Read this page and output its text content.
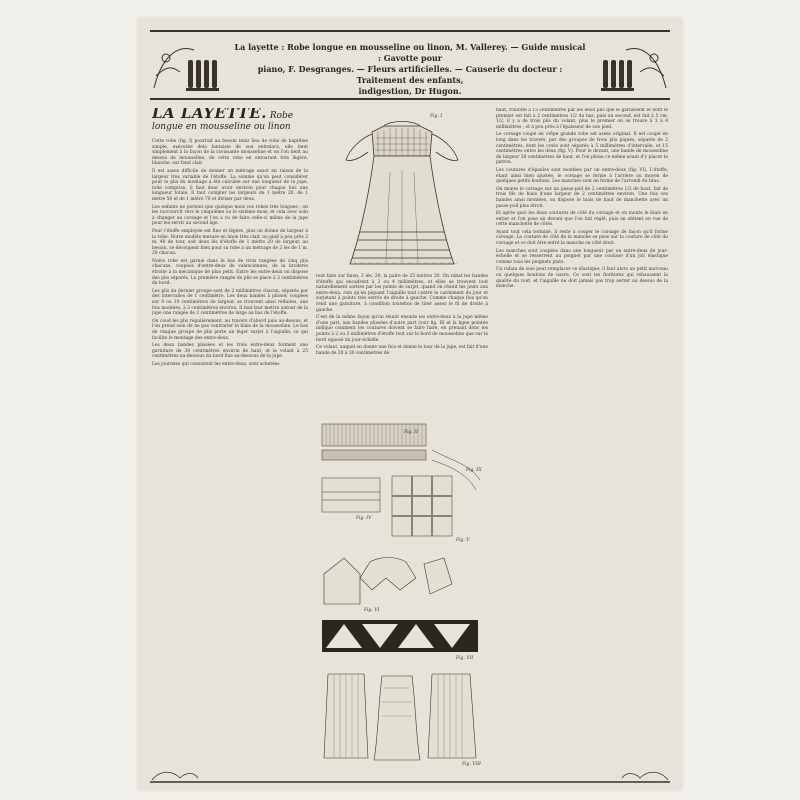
La layette : Robe longue en mousseline ou linon, M. Vallerey. — Guide musical : Gavotte pour
piano, F. Desgranges. — Fleurs artificielles. — Causerie du docteur : Traitement des enfants,
indigestion, Dr Hugon.
LA LAYETTE. Robe longue en mousseline ou linon

Cette robe (fig. I) pourrait au besoin tenir lieu de robe de baptême simple, exécutée dela fantaisie de son entrelacs, elle tient simplement à la façon de la ravissante mousseline et on l'on tient au dessus de mousseline, de cette robe en entourant très légère, blanche, sur fond clair.

Il est assez difficile de donner un métrage exact en raison de la largeur très variable de l'étoffe. La somme qu'on peut considérer pour le plis du montage a été calculée sur une longueur de la jupe, toile comprise, il faut donc avoir environ pour chaque fois une longueur totale. Il faut compter les largeurs de 1 mètre 20, de 1 mètre 50 et de 1 mètre 70 et diviser par deux.

Les enfants ne portent que quelque mois ces robes très longues ; on les raccourcit vers le cinquième ou le sixième mois, et cela avec soin à changer au corsage et l'on a vu de faire celle-ci même de la jupe pour les servir au second âge.

Pour l'étoffe employée est fine et légère, plus on donne de largeur à la robe. Notre modèle mesure en linon très clair, au pied à peu près 2 m. 40 de tour, soit deux lés d'étoffe de 1 mètre 20 de largeur, au besoin, se découpent bien pour sa robe à un métrage de 2 lés de 1 m. 20 chacun.

Notre robe est garnie dans le bas de trois rangées de cinq plis chacune, coupées d'entre-deux de valenciennes, de la broderie étroite à la mécanique de plus petit. Entre les entre-deux on dispose des plis séparés. La première rangée de plis se place à 3 centimètres du bord.

Les plis du dernier groupe sont de 2 millimètres chacun, séparés par des intervalles de 1 centimètre. Les deux bandes à plisser, coupées sur 9 ou 10 centimètres de largeur, se trouvent ainsi réduites, une fois montées, à 3 centimètres environ. Il faut leur mettre autour de la jupe une rangée de 2 centimètres de large au bas de l'étoffe.

On coud les plis régulièrement, au travers d'abord puis au-dessus, et l'on prend soin de ne pas contrarier le biais de la mousseline. Le bas de chaque groupe de plis porte un léger surjet à l'aiguille, ce qui facilite le montage des entre-deux.

Les deux bandes plissées et les trois entre-deux forment une garniture de 30 centimètres environ de haut, et le volant à 25 centimètres au-dessous du bord fixe au-dessous de la jupe.

Les journées qui consistent les entre-deux, sont achetées

Fig. I

tout faits sur linon, 2 lés. 20, la paire de 25 mètres 20. On rabat les bandes d'étoffe qui encadrent à 2 ou 4 millimètres, et elles se trouvent tout naturellement sorties par les points de surjet, quand on réunit les jours aux entre-deux, rien qu'en piquant l'aiguille tout contre le cardement du jour et surjetant à points très serrés de droite à gauche. Comme chaque fois qu'on rend une garniture, à condition toutefois de tirer assez le fil de droite à gauche.

C'est de la même façon qu'on réunit ensuite les entre-deux à la jupe même d'une part, aux bandes plissées d'autre part (voir fig. III et la ligne pointée indique comment les coutures doivent se faire faire, en prenant donc les points à 2 ou 3 millimètres d'étoffe tout sur le bord de mousseline que sur le bord opposé du jour-échelle.

Ce volant, auquel on donne une fois et demie le tour de la jupe, est fait d'une bande de 20 à 30 centimètres de

Fig. II
Fig. III
Fig. IV
Fig. V
Fig. VI
Fig. VII
Fig. VIII

haut, roulotté à 15 centimètres par les deux plis que le garnissent et dont le premier est fait à 2 centimètres 1/2 du bas, puis un second, est fait à 5 cm. 1/2, il y a de trois plis du volant, plus le premier on se trouve à 3 à 4 millimètres ; et à peu près à l'épaisseur de son pied.

Le corsage coupé en crêpe grande robe est assez original. Il est coupé en long dans les travers, par des groupes de trois plis piqués, séparés de 2 centimètres, dont les cotés sont séparés à 5 millimètres d'intervalle, et 15 centimètres entre les deux (fig. V). Pour le devant, une bande de mousseline de largeur 30 centimètres de haut, et l'on plisse ce même avant d'y placer le patron.

Les coutures d'épaules sont montées par un entre-deux (fig. VI). L'étoffe, étant ainsi bien ajustée, le corsage se ferme à l'arrière au moyen de quelques petits boutons. Les manches sont en forme de l'arrondi du bras.

On monte le corsage sur un passe-poil de 2 centimètres 1/2 de haut, fait de trois fils de biais d'une largeur de 2 centimètres environ. Une fois ces bandes ainsi montées, on dispose le biais de haut de manchette avec un passe-poil plus étroit.

Et après quoi les deux coutures de côté du corsage et on monte le biais en entier et l'on pose un devant que l'on fait réglé, puis on obtient en vue de cette manchette de côtés.

Ayant tout cela terminé, il reste à couper le corsage de façon qu'il forme corsage. La couture de côté de la manche se pose sur la couture de côté du corsage et ce doit être entré la manche ou côté droit.

Les manches sont coupées dans une longueur par un entre-deux de jour-échelle et se resserrent au poignet par une coulisse d'un joli élastique comme tous les poignets plats.

Un ruban de soie peut remplacer ce élastique; il faut alors un petit morceau ou quelques boutons de nacre. Ce sont les fioritures qui rehaussent la qualité du tout, et l'aiguille ne doit jamais pas trop serrer au dessus de la manche.
